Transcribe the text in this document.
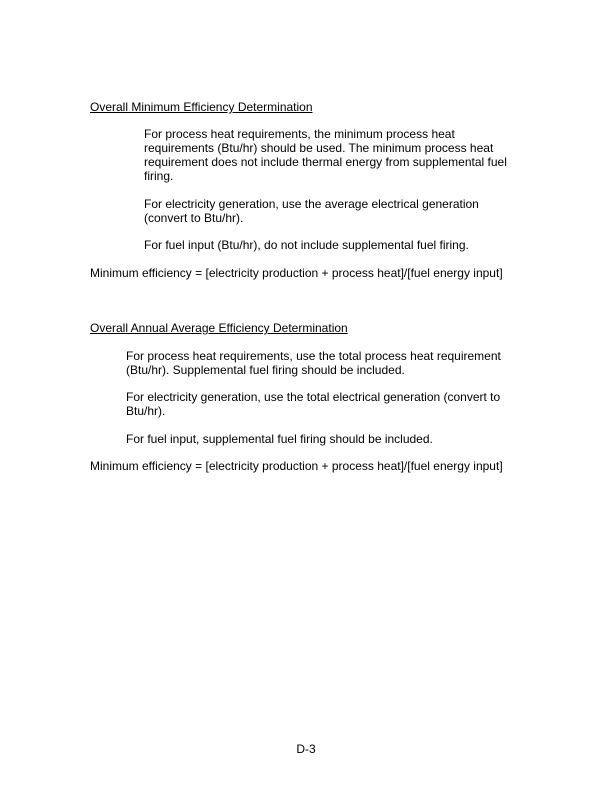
Overall Minimum Efficiency Determination

For process heat requirements, the minimum process heat requirements (Btu/hr) should be used. The minimum process heat requirement does not include thermal energy from supplemental fuel firing.

For electricity generation, use the average electrical generation (convert to Btu/hr).

For fuel input (Btu/hr), do not include supplemental fuel firing.

Minimum efficiency = [electricity production + process heat]/[fuel energy input]
Overall Annual Average Efficiency Determination

For process heat requirements, use the total process heat requirement (Btu/hr). Supplemental fuel firing should be included.

For electricity generation, use the total electrical generation (convert to Btu/hr).

For fuel input, supplemental fuel firing should be included.

Minimum efficiency = [electricity production + process heat]/[fuel energy input]
D-3
